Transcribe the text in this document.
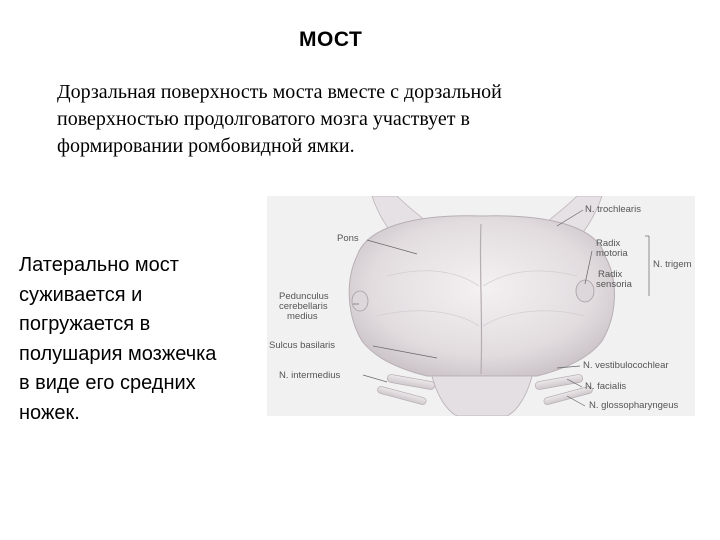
МОСТ
Дорзальная поверхность моста вместе с дорзальной
поверхностью продолговатого мозга участвует в
формировании ромбовидной ямки.
Латерально мост
суживается и
погружается в
полушария мозжечка
в виде его средних
ножек.
Pons
Pedunculus
cerebellaris
medius
Sulcus basilaris
N. intermedius
N. trochlearis
Radix
motoria
Radix
sensoria
N. trigem
N. vestibulocochlear
N. facialis
N. glossopharyngeus
